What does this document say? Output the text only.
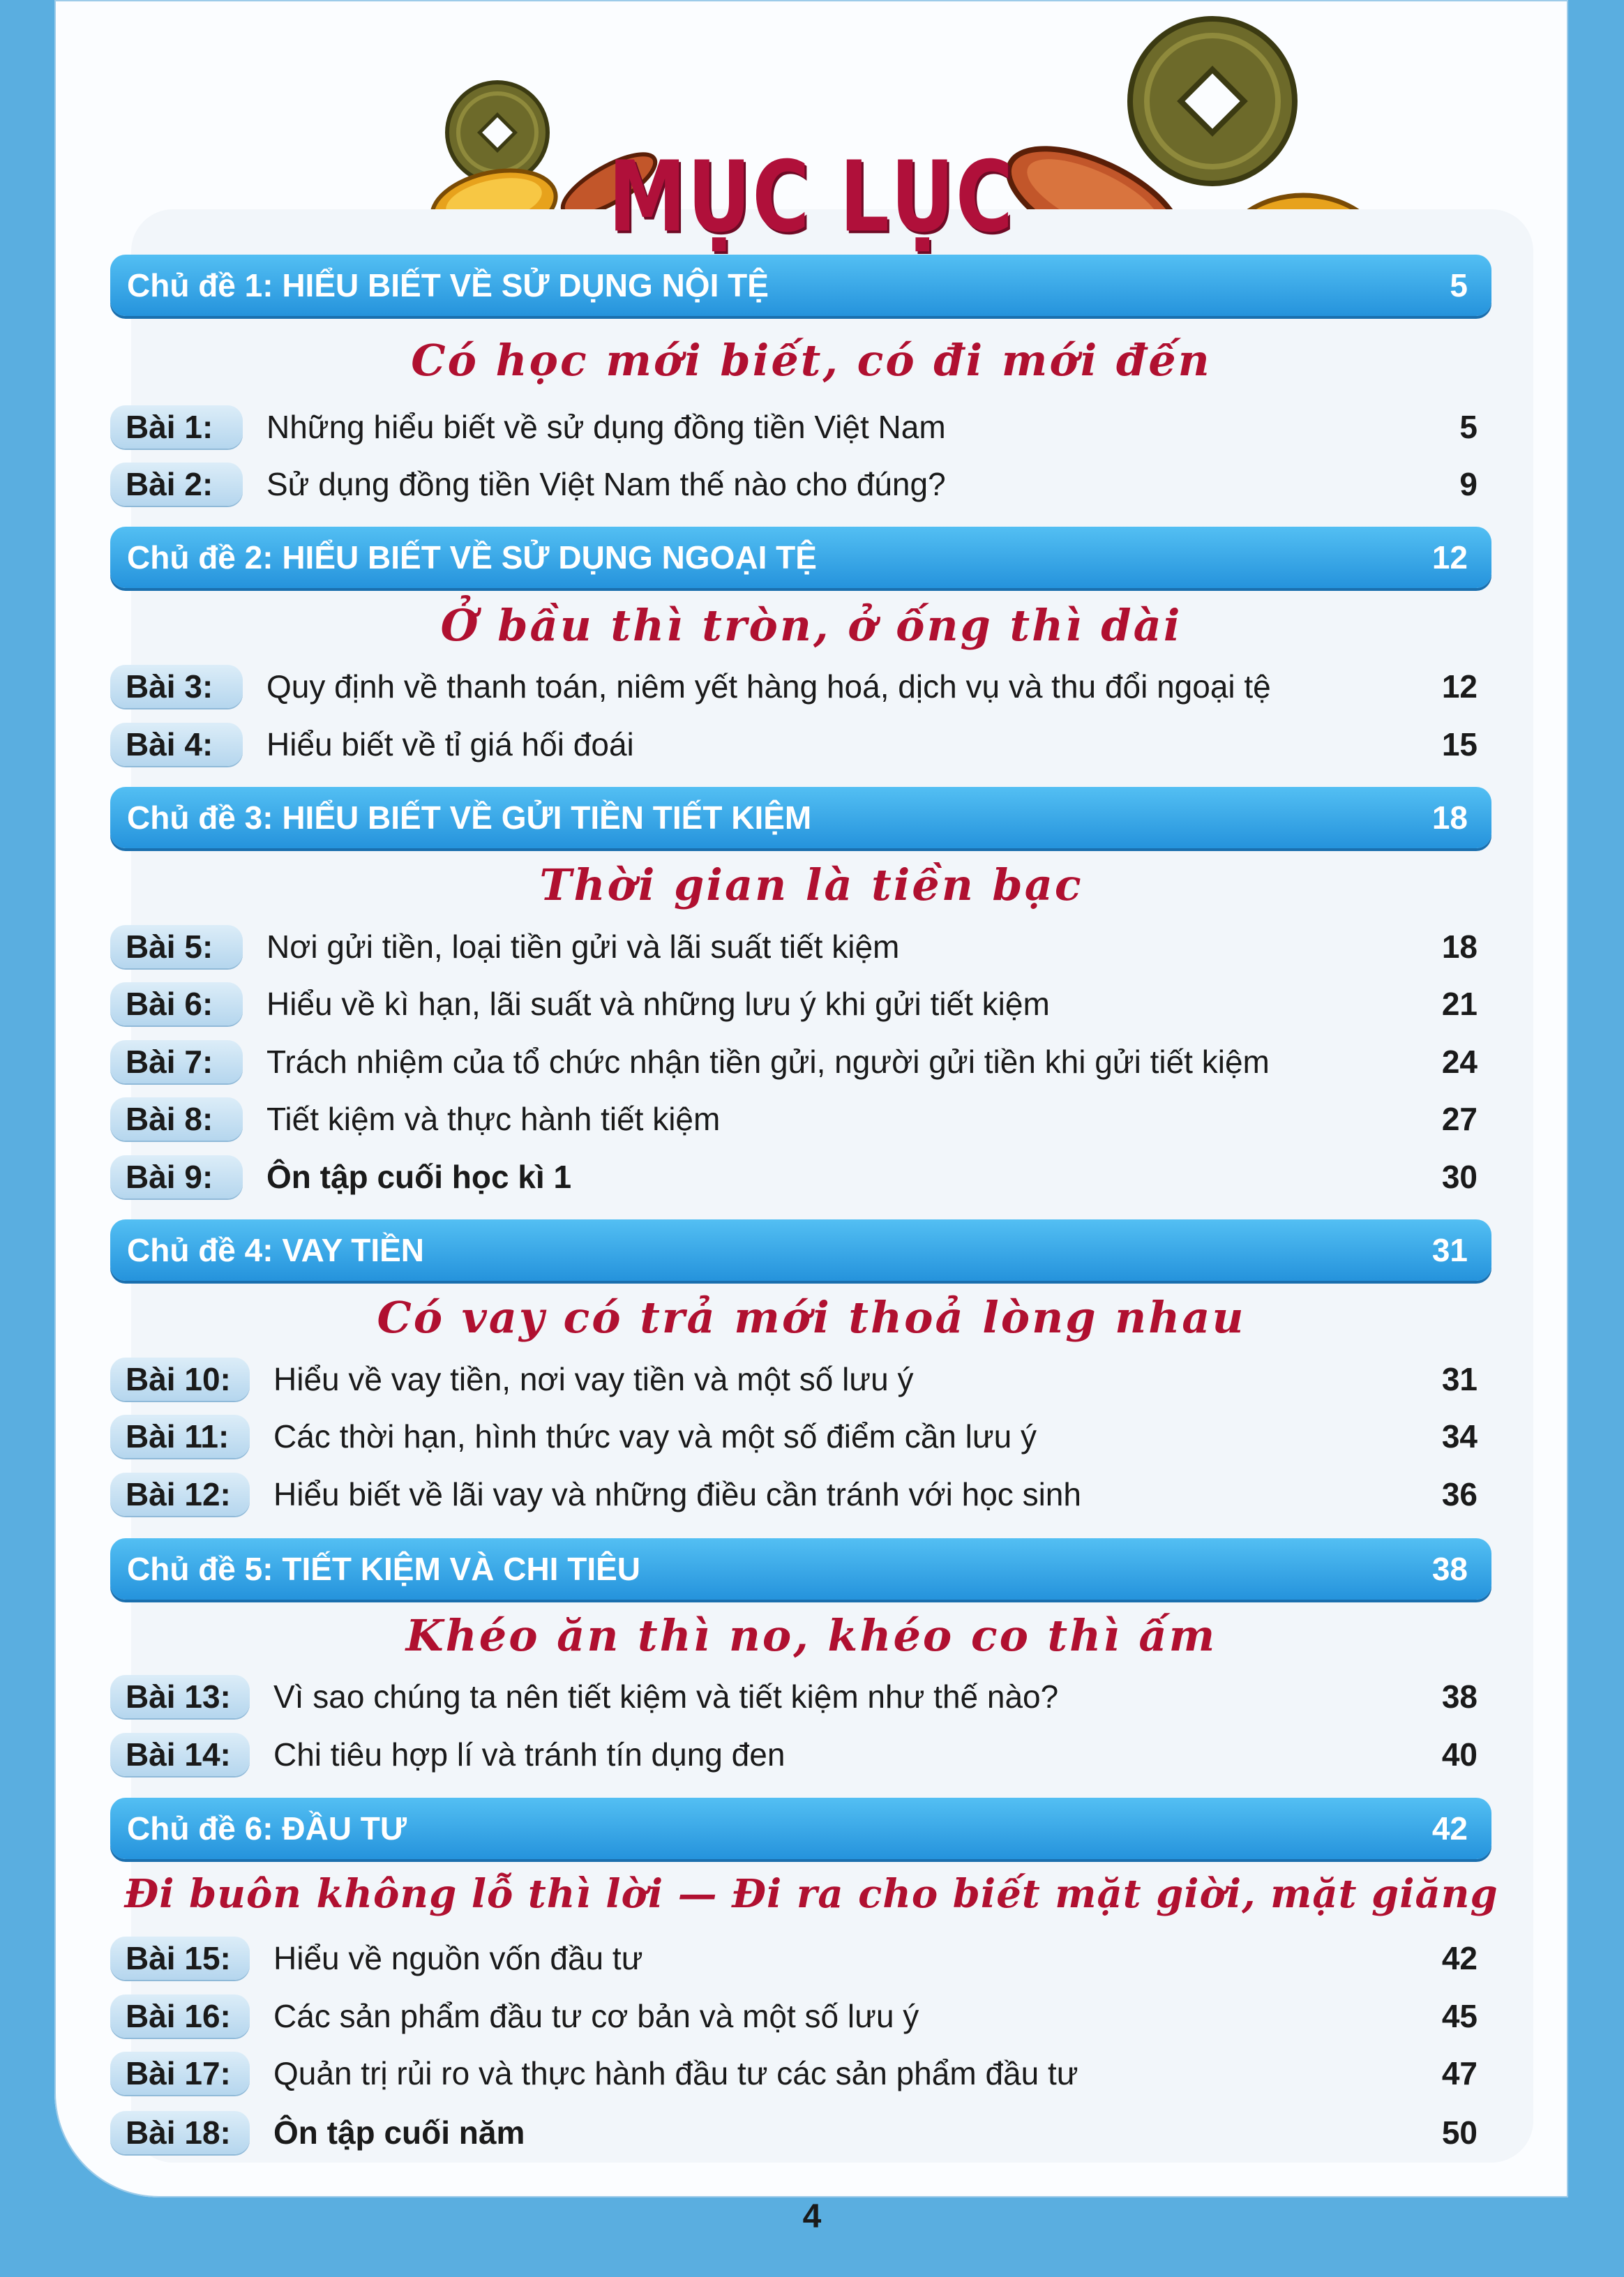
MỤC LỤC
Chủ đề 1: HIỂU BIẾT VỀ SỬ DỤNG NỘI TỆ	5
Có học mới biết, có đi mới đến
Bài 1:	Những hiểu biết về sử dụng đồng tiền Việt Nam	5
Bài 2:	Sử dụng đồng tiền Việt Nam thế nào cho đúng?	9
Chủ đề 2: HIỂU BIẾT VỀ SỬ DỤNG NGOẠI TỆ	12
Ở bầu thì tròn, ở ống thì dài
Bài 3:	Quy định về thanh toán, niêm yết hàng hoá, dịch vụ và thu đổi ngoại tệ	12
Bài 4:	Hiểu biết về tỉ giá hối đoái	15
Chủ đề 3: HIỂU BIẾT VỀ GỬI TIỀN TIẾT KIỆM	18
Thời gian là tiền bạc
Bài 5:	Nơi gửi tiền, loại tiền gửi và lãi suất tiết kiệm	18
Bài 6:	Hiểu về kì hạn, lãi suất và những lưu ý khi gửi tiết kiệm	21
Bài 7:	Trách nhiệm của tổ chức nhận tiền gửi, người gửi tiền khi gửi tiết kiệm	24
Bài 8:	Tiết kiệm và thực hành tiết kiệm	27
Bài 9:	Ôn tập cuối học kì 1	30
Chủ đề 4: VAY TIỀN	31
Có vay có trả mới thoả lòng nhau
Bài 10:	Hiểu về vay tiền, nơi vay tiền và một số lưu ý	31
Bài 11:	Các thời hạn, hình thức vay và một số điểm cần lưu ý	34
Bài 12:	Hiểu biết về lãi vay và những điều cần tránh với học sinh	36
Chủ đề 5: TIẾT KIỆM VÀ CHI TIÊU	38
Khéo ăn thì no, khéo co thì ấm
Bài 13:	Vì sao chúng ta nên tiết kiệm và tiết kiệm như thế nào?	38
Bài 14:	Chi tiêu hợp lí và tránh tín dụng đen	40
Chủ đề 6: ĐẦU TƯ	42
Đi buôn không lỗ thì lời — Đi ra cho biết mặt giời, mặt giăng
Bài 15:	Hiểu về nguồn vốn đầu tư	42
Bài 16:	Các sản phẩm đầu tư cơ bản và một số lưu ý	45
Bài 17:	Quản trị rủi ro và thực hành đầu tư các sản phẩm đầu tư	47
Bài 18:	Ôn tập cuối năm	50
4
